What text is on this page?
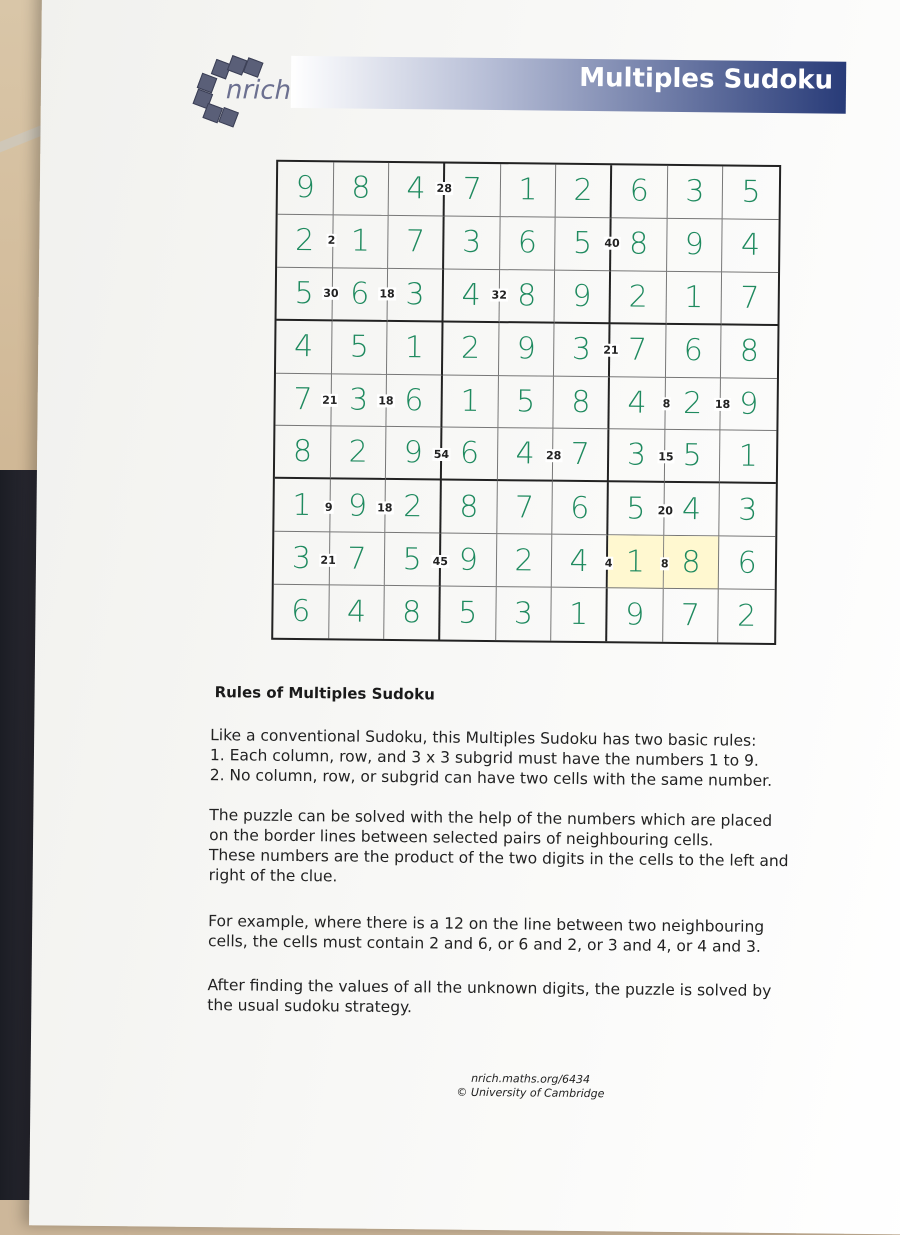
nrich	Multiples Sudoku
9	8	4	7	1	2	6	3	5
2	1	7	3	6	5	8	9	4
5	6	3	4	8	9	2	1	7
4	5	1	2	9	3	7	6	8
7	3	6	1	5	8	4	2	9
8	2	9	6	4	7	3	5	1
1	9	2	8	7	6	5	4	3
3	7	5	9	2	4	1	8	6
6	4	8	5	3	1	9	7	2
28
2	40
30	18	32
21
21	18	8	18
54	28	15
9	18	20
21	45	4	8
Rules of Multiples Sudoku

Like a conventional Sudoku, this Multiples Sudoku has two basic rules:

1. Each column, row, and 3 x 3 subgrid must have the numbers 1 to 9.

2. No column, row, or subgrid can have two cells with the same number.

The puzzle can be solved with the help of the numbers which are placed

on the border lines between selected pairs of neighbouring cells.

These numbers are the product of the two digits in the cells to the left and

right of the clue.

For example, where there is a 12 on the line between two neighbouring

cells, the cells must contain 2 and 6, or 6 and 2, or 3 and 4, or 4 and 3.

After finding the values of all the unknown digits, the puzzle is solved by

the usual sudoku strategy.

nrich.maths.org/6434
© University of Cambridge
